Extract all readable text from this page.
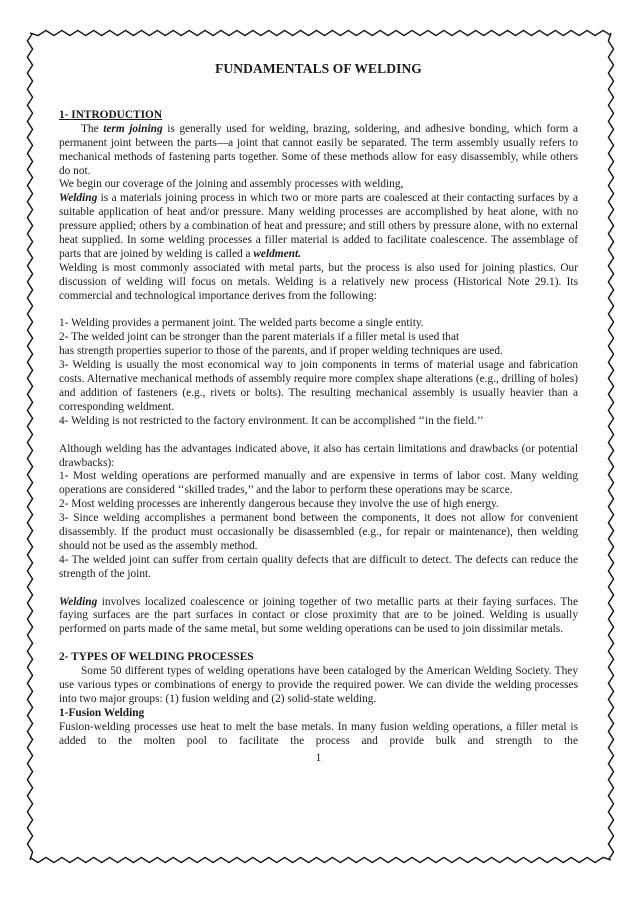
FUNDAMENTALS OF WELDING
1- INTRODUCTION

The term joining is generally used for welding, brazing, soldering, and adhesive bonding, which form a permanent joint between the parts—a joint that cannot easily be separated. The term assembly usually refers to mechanical methods of fastening parts together. Some of these methods allow for easy disassembly, while others do not.

We begin our coverage of the joining and assembly processes with welding,

Welding is a materials joining process in which two or more parts are coalesced at their contacting surfaces by a suitable application of heat and/or pressure. Many welding processes are accomplished by heat alone, with no pressure applied; others by a combination of heat and pressure; and still others by pressure alone, with no external heat supplied. In some welding processes a filler material is added to facilitate coalescence. The assemblage of parts that are joined by welding is called a weldment.

Welding is most commonly associated with metal parts, but the process is also used for joining plastics. Our discussion of welding will focus on metals. Welding is a relatively new process (Historical Note 29.1). Its commercial and technological importance derives from the following:

1- Welding provides a permanent joint. The welded parts become a single entity.

2- The welded joint can be stronger than the parent materials if a filler metal is used that

has strength properties superior to those of the parents, and if proper welding techniques are used.

3- Welding is usually the most economical way to join components in terms of material usage and fabrication costs. Alternative mechanical methods of assembly require more complex shape alterations (e.g., drilling of holes) and addition of fasteners (e.g., rivets or bolts). The resulting mechanical assembly is usually heavier than a corresponding weldment.

4- Welding is not restricted to the factory environment. It can be accomplished ‘‘in the field.’’

Although welding has the advantages indicated above, it also has certain limitations and drawbacks (or potential drawbacks):

1- Most welding operations are performed manually and are expensive in terms of labor cost. Many welding operations are considered ‘‘skilled trades,’’ and the labor to perform these operations may be scarce.

2- Most welding processes are inherently dangerous because they involve the use of high energy.

3- Since welding accomplishes a permanent bond between the components, it does not allow for convenient disassembly. If the product must occasionally be disassembled (e.g., for repair or maintenance), then welding should not be used as the assembly method.

4- The welded joint can suffer from certain quality defects that are difficult to detect. The defects can reduce the strength of the joint.

Welding involves localized coalescence or joining together of two metallic parts at their faying surfaces. The faying surfaces are the part surfaces in contact or close proximity that are to be joined. Welding is usually performed on parts made of the same metal, but some welding operations can be used to join dissimilar metals.

2- TYPES OF WELDING PROCESSES

Some 50 different types of welding operations have been cataloged by the American Welding Society. They use various types or combinations of energy to provide the required power. We can divide the welding processes into two major groups: (1) fusion welding and (2) solid-state welding.

1-Fusion Welding

Fusion-welding processes use heat to melt the base metals. In many fusion welding operations, a filler metal is added to the molten pool to facilitate the process and provide bulk and strength to the

1
